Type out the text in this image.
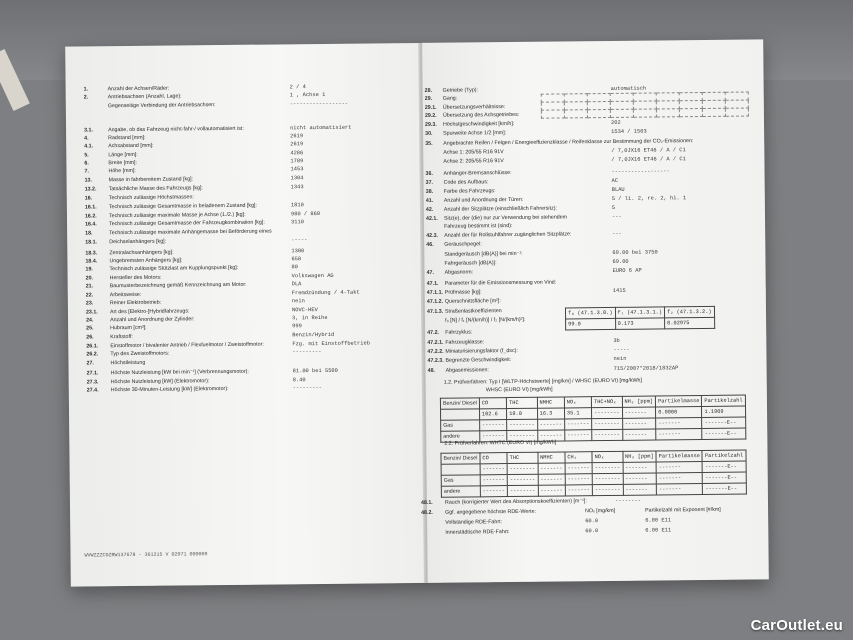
1.	Anzahl der Achsen/Räder:	2 / 4
2.	Antriebsachsen (Anzahl, Lage):	1 , Achse 1
Gegenseitige Verbindung der Antriebsachsen:	------------------
3.1.	Angabe, ob das Fahrzeug nicht-fahr-/ vollautomatisiert ist:	nicht automatisiert
4.	Radstand [mm]:	2619
4.1.	Achsabstand [mm]:	2619
5.	Länge [mm]:	4286
6.	Breite [mm]:	1789
7.	Höhe [mm]:	1453
13.	Masse in fahrbereitem Zustand [kg]:	1304
13.2. Tatsächliche Masse des Fahrzeugs [kg]:	1343
16.	Technisch zulässige Höchstmassen:
16.1. Technisch zulässige Gesamtmasse in beladenem Zustand [kg]:	1810
16.2. Technisch zulässige maximale Masse je Achse (1./2.) [kg]:	980 / 860
16.4. Technisch zulässige Gesamtmasse der Fahrzeugkombination [kg]:	3110
18.	Technisch zulässige maximale Anhängemasse bei Beförderung eines
18.1. Deichselanhängers [kg]:	-----
18.3. Zentralachsanhängers [kg]:	1300
18.4. Ungebremsten Anhängers [kg]:	650
19.	Technisch zulässige Stützlast am Kupplungspunkt [kg]:	80
20.	Hersteller des Motors:	Volkswagen AG
21.	Baumusterbezeichnung gemäß Kennzeichnung am Motor:	DLA
22.	Arbeitsweise:	Fremdzündung / 4-Takt
23.	Reiner Elektrobetrieb:	nein
23.1. Art des [Elektro-]Hybridfahrzeugs:	NOVC-HEV
24.	Anzahl und Anordnung der Zylinder:	3, in Reihe
25.	Hubraum [cm³]:	999
26.	Kraftstoff:	Benzin/Hybrid
26.1. Einstoffmotor / bivalenter Antrieb / Flexfuelmotor / Zweistoffmotor:	Fzg. mit Einstoffbetrieb
26.2. Typ des Zweistoffmotors:	---------
27.	Höchstleistung
27.1. Höchste Nutzleistung [kW bei min⁻¹] (Verbrennungsmotor):	81.00 bei 5500
27.3. Höchste Nutzleistung [kW] (Elektromotor):	8.40
27.4. Höchste 30-Minuten-Leistung [kW] (Elektromotor):	---------
WVWZZZCDZRW137678 - 361215 V 02071 000009
28. Getriebe (Typ):	automatisch
29. Gang:
29.1. Übersetzungsverhältnisse:
29.2. Übersetzung des Achsgetriebes:
29.3. Höchstgeschwindigkeit [km/h]:	202
30. Spurweite Achse 1/2 [mm]:	1534 / 1503
35. Angebrachte Reifen / Felgen / Energieeffizienzklasse / Reifenklasse zur Bestimmung der CO₂-Emissionen:
Achse 1: 205/55 R16 91V	/ 7,0JX16 ET46 / A / C1
Achse 2: 205/55 R16 91V	/ 7,0JX16 ET46 / A / C1
36. Anhänger-Bremsanschlüsse:	------------------
37. Code des Aufbaus:	AC
38. Farbe des Fahrzeugs:	BLAU
41. Anzahl und Anordnung der Türen:	5 / li. 2, re. 2, hi. 1
42. Anzahl der Sitzplätze (einschließlich Fahrersitz):	5
42.1. Sitz(e), der (die) nur zur Verwendung bei stehendem	---
Fahrzeug bestimmt ist (sind):
42.3. Anzahl der für Rollstuhlfahrer zugänglichen Sitzplätze:	---
46. Geräuschpegel:
Standgeräusch [dB(A)] bei min⁻¹:	69.00 bei 3750
Fahrgeräusch [dB(A)]:	69.00
47. Abgasnorm:	EURO 6 AP
47.1. Parameter für die Emissionsmessung von Vind:
47.1.1. Prüfmasse [kg]:	1415
47.1.2. Querschnittsfläche [m²]:
47.1.3. Straßenlastkoeffizienten
f₀ [N] / f₁ [N/(km/h)] / f₂ [N/(km/h)²]:
47.2. Fahrzyklus:
47.2.1. Fahrzeugklasse:	3b
47.2.2. Miniaturisierungsfaktor (f_dsc):	-----
47.2.3. Begrenzte Geschwindigkeit:	nein
48. Abgasemissionen:	715/2007*2018/1832AP

f₀ (47.1.3.0.)	f₁ (47.1.3.1.)	f₂ (47.1.3.2.)
99.0	0.173	0.02975
1.2. Prüfverfahren: Typ I [WLTP-Höchstwerte] [mg/km] / WHSC (EURO VI) [mg/kWh]
WHSC (EURO VI) [mg/kWh]
Benzin/ Diesel	CO	THC	NMHC	NOₓ	THC+NOₓ	NH₃ [ppm]	Partikelmasse	Partikelzahl
	102.6	19.0	16.3	35.1	--------	-------	0.0000	1.1909
Gas	-------	--------	-------	-------	--------	-------	-------	-------E--
andere	-------	--------	-------	-------	--------	-------	-------	-------E--
2.2. Prüfverfahren: WHTC (EURO VI) [mg/kWh]
Benzin/ Diesel	CO	THC	NMHC	CH₄	NOₓ	NH₃ [ppm]	Partikelmasse	Partikelzahl
	-------	--------	-------	-------	--------	-------	-------	-------E--
Gas	-------	--------	-------	-------	--------	-------	-------	-------E--
andere	-------	--------	-------	-------	--------	-------	-------	-------E--
48.1. Rauch (korrigierter Wert des Absorptionskoeffizienten) [m⁻¹]:	--------
48.2. Ggf. angegebene höchste RDE-Werte:	NOₓ [mg/km]	Partikelzahl mit Exponent [#/km]
Vollständige RDE-Fahrt:	60.0	6.00 E11
Innerstädtische RDE-Fahrt:	60.0	6.00 E11
CarOutlet.eu
